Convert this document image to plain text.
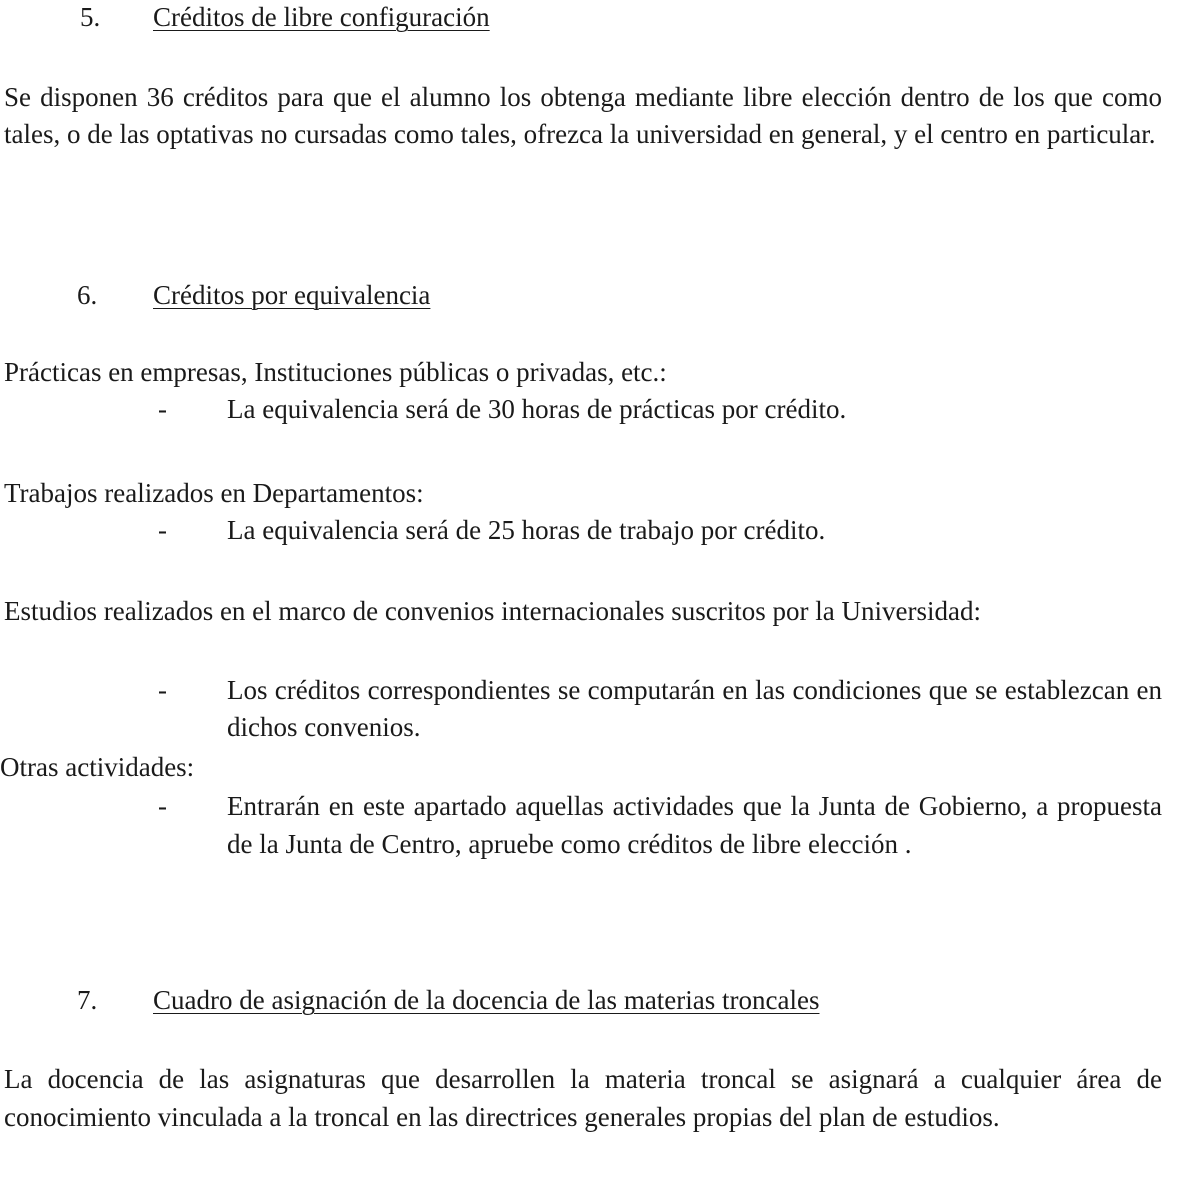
5. Créditos de libre configuración
Se disponen 36 créditos para que el alumno los obtenga mediante libre elección dentro de los que como tales, o de las optativas no cursadas como tales, ofrezca la universidad en general, y el centro en particular.
6. Créditos por equivalencia
Prácticas en empresas, Instituciones públicas o privadas, etc.:
- La equivalencia será de 30 horas de prácticas por crédito.
Trabajos realizados en Departamentos:
- La equivalencia será de 25 horas de trabajo por crédito.
Estudios realizados en el marco de convenios internacionales suscritos por la Universidad:
- Los créditos correspondientes se computarán en las condiciones que se establezcan en dichos convenios.
Otras actividades:
- Entrarán en este apartado aquellas actividades que la Junta de Gobierno, a propuesta de la Junta de Centro, apruebe como créditos de libre elección .
7. Cuadro de asignación de la docencia de las materias troncales
La docencia de las asignaturas que desarrollen la materia troncal se asignará a cualquier área de conocimiento vinculada a la troncal en las directrices generales propias del plan de estudios.
